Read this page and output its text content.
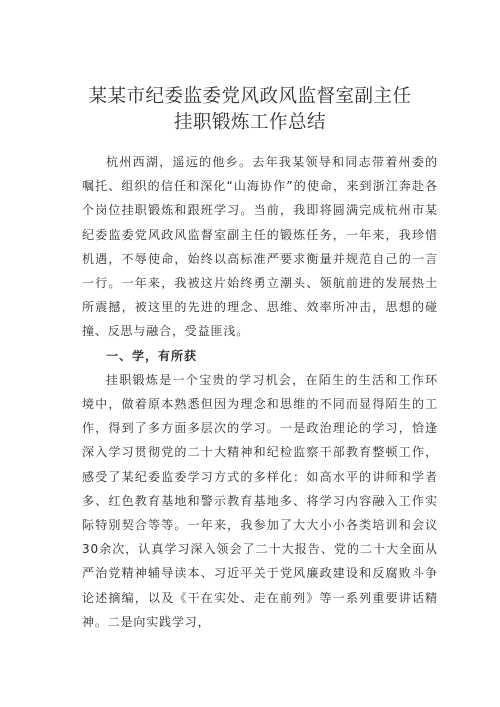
某某市纪委监委党风政风监督室副主任
挂职锻炼工作总结

杭州西湖，遥远的他乡。去年我某领导和同志带着州委的嘱托、组织的信任和深化“山海协作”的使命，来到浙江奔赴各个岗位挂职锻炼和跟班学习。当前，我即将圆满完成杭州市某纪委监委党风政风监督室副主任的锻炼任务，一年来，我珍惜机遇，不辱使命，始终以高标准严要求衡量并规范自己的一言一行。一年来，我被这片始终勇立潮头、领航前进的发展热土所震撼，被这里的先进的理念、思维、效率所冲击，思想的碰撞、反思与融合，受益匪浅。

一、学，有所获

挂职锻炼是一个宝贵的学习机会，在陌生的生活和工作环境中，做着原本熟悉但因为理念和思维的不同而显得陌生的工作，得到了多方面多层次的学习。一是政治理论的学习，恰逢深入学习贯彻党的二十大精神和纪检监察干部教育整顿工作，感受了某纪委监委学习方式的多样化：如高水平的讲师和学者多、红色教育基地和警示教育基地多、将学习内容融入工作实际特别契合等等。一年来，我参加了大大小小各类培训和会议30余次，认真学习深入领会了二十大报告、党的二十大全面从严治党精神辅导读本、习近平关于党风廉政建设和反腐败斗争论述摘编，以及《干在实处、走在前列》等一系列重要讲话精神。二是向实践学习，
